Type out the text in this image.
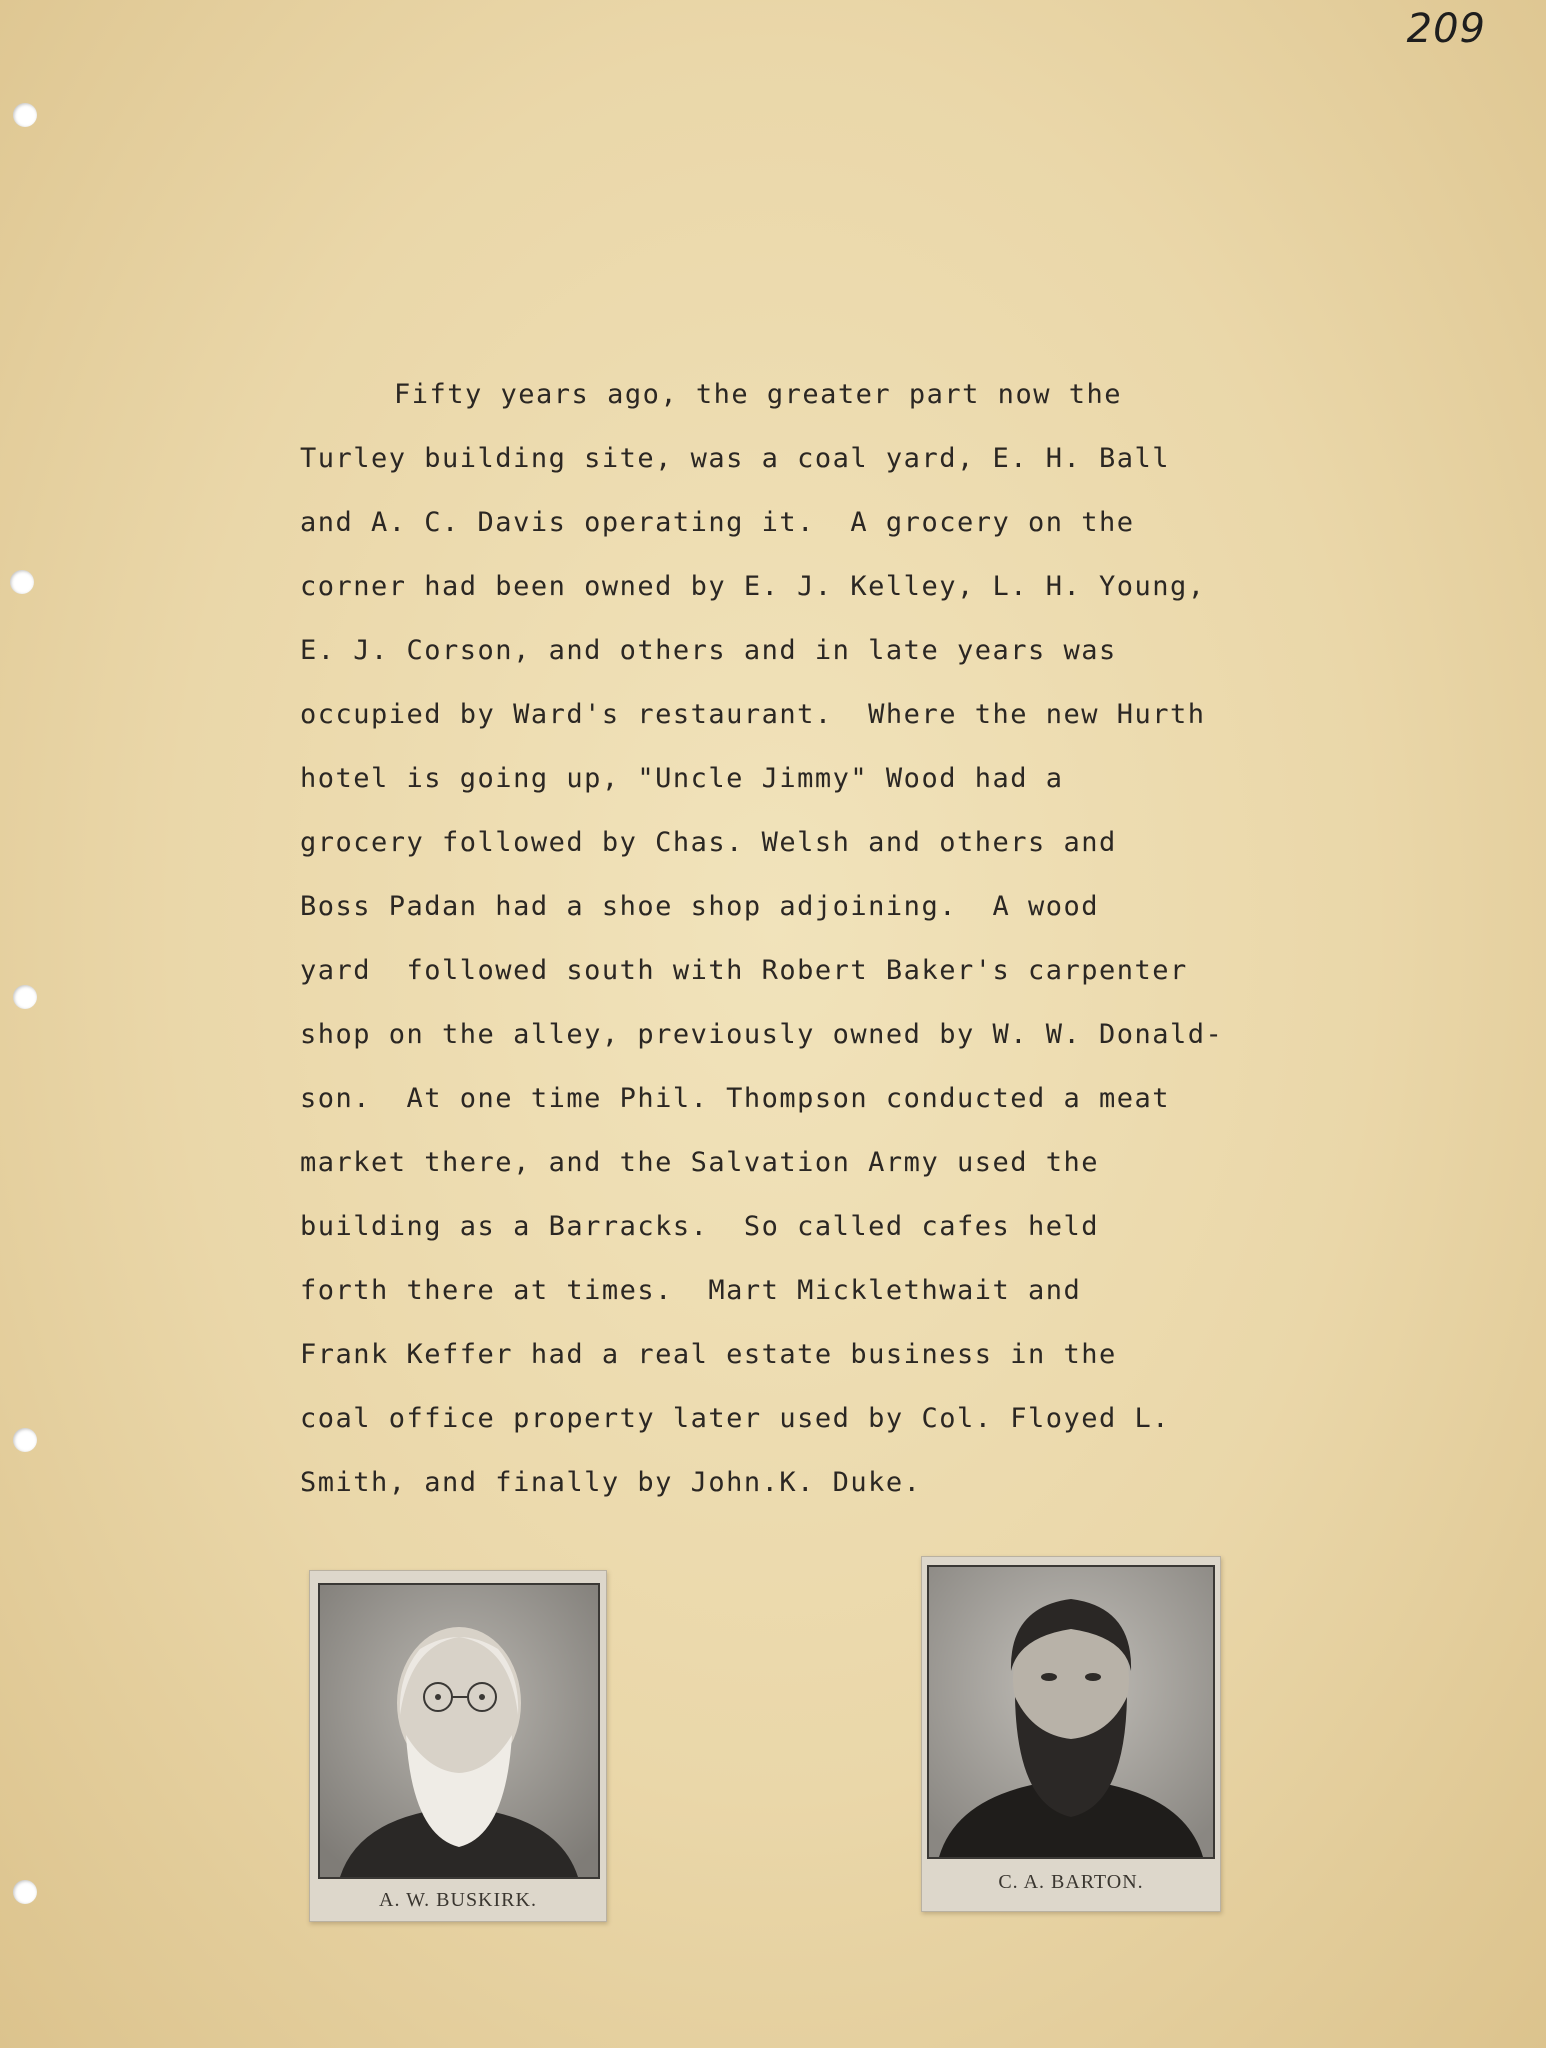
209
Fifty years ago, the greater part now the
Turley building site, was a coal yard, E. H. Ball
and A. C. Davis operating it.  A grocery on the
corner had been owned by E. J. Kelley, L. H. Young,
E. J. Corson, and others and in late years was
occupied by Ward's restaurant.  Where the new Hurth
hotel is going up, "Uncle Jimmy" Wood had a
grocery followed by Chas. Welsh and others and
Boss Padan had a shoe shop adjoining.  A wood
yard  followed south with Robert Baker's carpenter
shop on the alley, previously owned by W. W. Donald-
son.  At one time Phil. Thompson conducted a meat
market there, and the Salvation Army used the
building as a Barracks.  So called cafes held
forth there at times.  Mart Micklethwait and
Frank Keffer had a real estate business in the
coal office property later used by Col. Floyed L.
Smith, and finally by John.K. Duke.
A. W. BUSKIRK.
C. A. BARTON.
